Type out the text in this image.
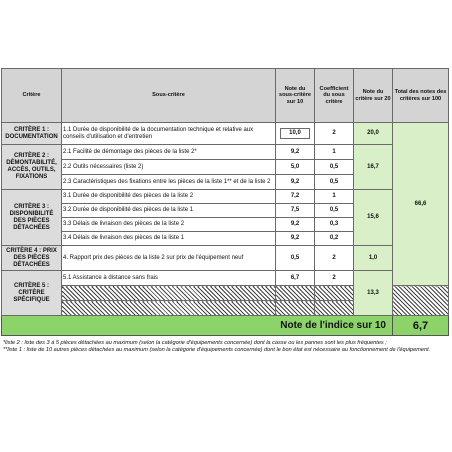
Critère	Sous-critère	Note du sous-critère sur 10	Coefficient du sous critère	Note du critère sur 20	Total des notes des critères sur 100
CRITÈRE 1 : DOCUMENTATION	1.1 Durée de disponibilité de la documentation technique et relative aux conseils d'utilisation et d'entretien	10,0	2	20,0	66,6
CRITÈRE 2 : DÉMONTABILITÉ, ACCÈS, OUTILS, FIXATIONS	2.1 Facilité de démontage des pièces de la liste 2*	9,2	1	16,7	
	2.2 Outils nécessaires (liste 2)	5,0	0,5		
	2.3 Caractéristiques des fixations entre les pièces de la liste 1** et de la liste 2	9,2	0,5		
CRITÈRE 3 : DISPONIBILITÉ DES PIÈCES DÉTACHÉES	3.1 Durée de disponibilité des pièces de la liste 2	7,2	1	15,6	
	3.2 Durée de disponibilité des pièces de la liste 1	7,5	0,5		
	3.3 Délais de livraison des pièces de la liste 2	9,2	0,3		
	3.4 Délais de livraison des pièces de la liste 1	9,2	0,2		
CRITÈRE 4 : PRIX DES PIÈCES DÉTACHÉES	4. Rapport prix des pièces de la liste 2 sur prix de l'équipement neuf	0,5	2	1,0	
CRITÈRE 5 : CRITÈRE SPÉCIFIQUE	5.1 Assistance à distance sans frais	6,7	2	13,3	

Note de l'indice sur 10					6,7

*liste 2 : liste des 3 à 5 pièces détachées au maximum (selon la catégorie d'équipements concernée) dont la casse ou les pannes sont les plus fréquentes ;

**liste 1 : liste de 10 autres pièces détachées au maximum (selon la catégorie d'équipements concernée) dont le bon état est nécessaire au fonctionnement de l'équipement.
